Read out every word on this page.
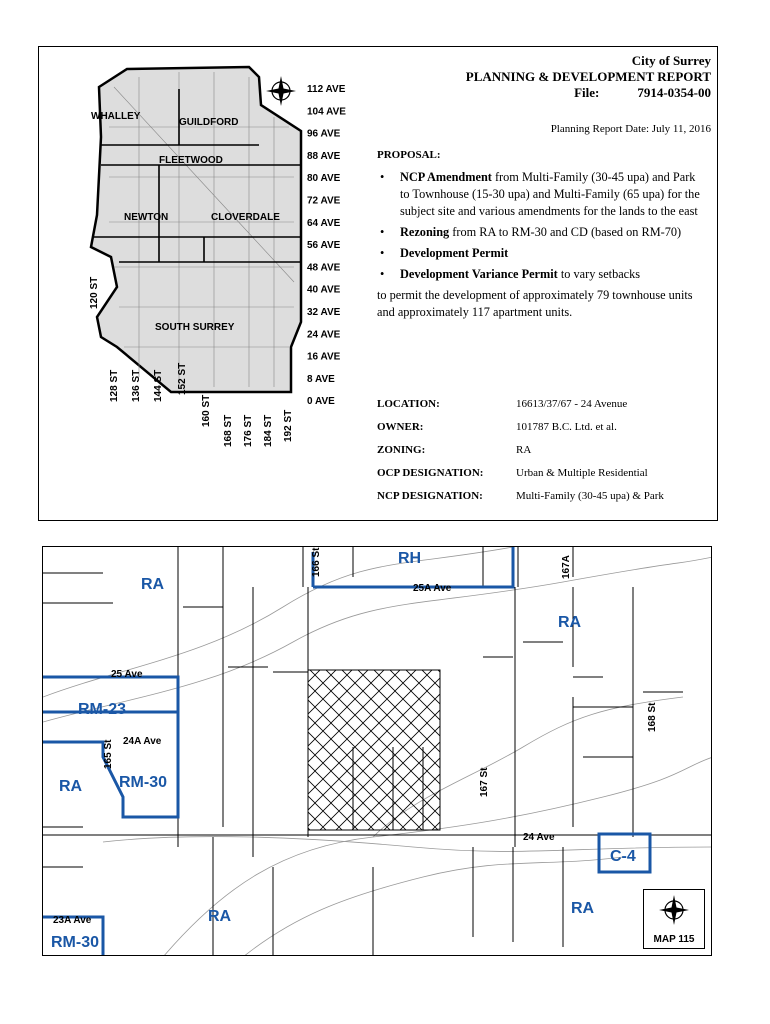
WHALLEY
GUILDFORD
FLEETWOOD
NEWTON	CLOVERDALE
SOUTH SURREY
112 AVE
104 AVE
96 AVE
88 AVE
80 AVE
72 AVE
64 AVE
56 AVE
48 AVE
40 AVE
32 AVE
24 AVE
16 AVE
8 AVE
0 AVE
120 ST
128 ST 136 ST 144 ST 152 ST
160 ST
168 ST 176 ST 184 ST 192 ST
City of Surrey
PLANNING & DEVELOPMENT REPORT
File:	7914-0354-00
Planning Report Date: July 11, 2016
PROPOSAL:
• NCP Amendment from Multi-Family (30-45 upa) and Park to Townhouse (15-30 upa) and Multi-Family (65 upa) for the subject site and various amendments for the lands to the east
• Rezoning from RA to RM-30 and CD (based on RM-70)
• Development Permit
• Development Variance Permit to vary setbacks

to permit the development of approximately 79 townhouse units and approximately 117 apartment units.

LOCATION:	16613/37/67 - 24 Avenue
OWNER:	101787 B.C. Ltd. et al.
ZONING:	RA
OCP DESIGNATION:	Urban & Multiple Residential
NCP DESIGNATION:	Multi-Family (30-45 upa) & Park
RA
RH
RA
RM-23
RA RM-30
RA
C-4
RA
RM-30
166 St	167A
25A Ave
25 Ave
24A Ave
165 St
168 St
167 St
24 Ave
23A Ave
MAP 115
